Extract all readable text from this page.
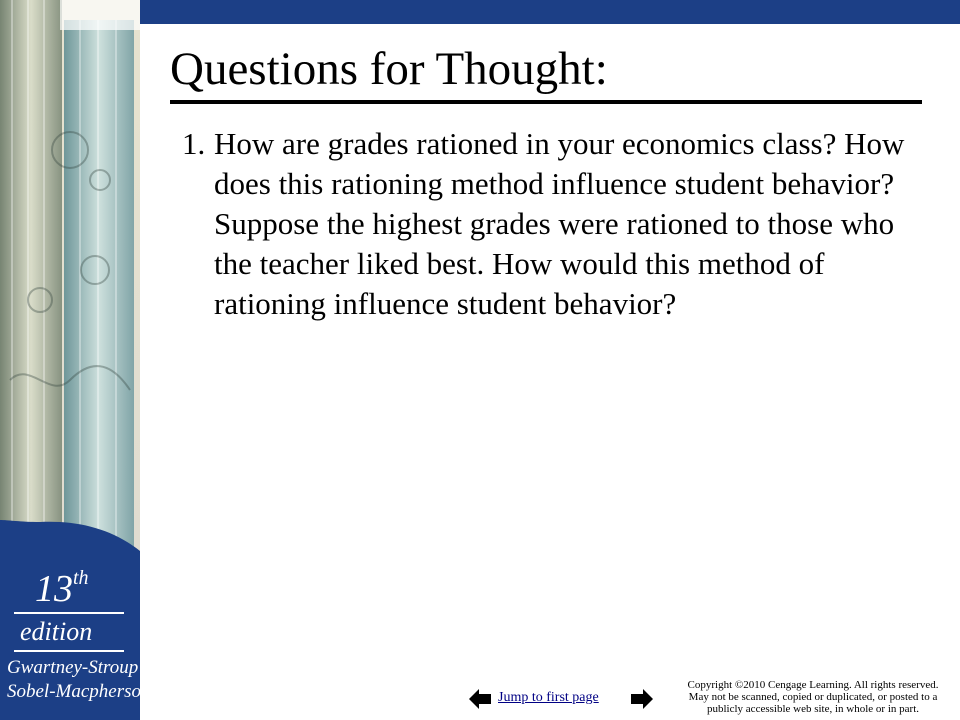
13th
edition
Gwartney-Stroup
Sobel-Macpherson
Questions for Thought:
1. How are grades rationed in your economics class? How does this rationing method influence student behavior? Suppose the highest grades were rationed to those who the teacher liked best. How would this method of rationing influence student behavior?
Jump to first page
Copyright ©2010 Cengage Learning. All rights reserved.
May not be scanned, copied or duplicated, or posted to a
publicly accessible web site, in whole or in part.
